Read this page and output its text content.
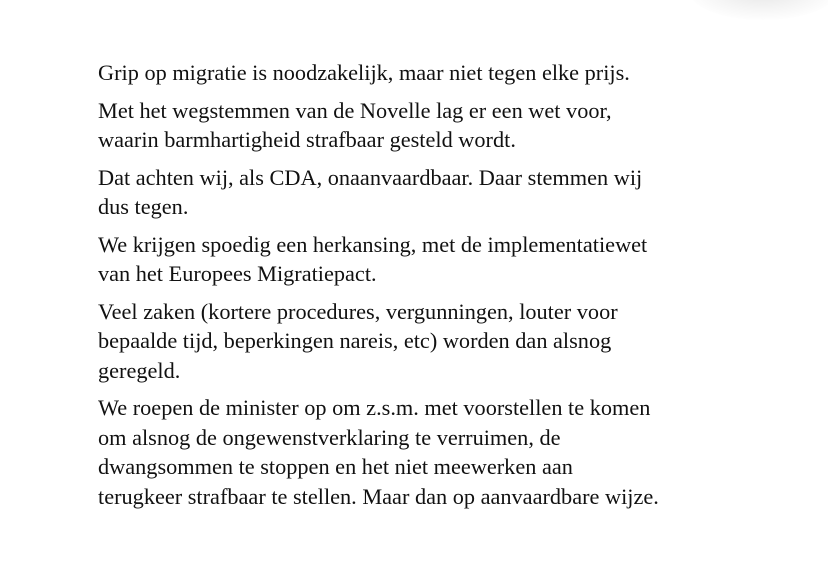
Grip op migratie is noodzakelijk, maar niet tegen elke prijs.

Met het wegstemmen van de Novelle lag er een wet voor,
waarin barmhartigheid strafbaar gesteld wordt.

Dat achten wij, als CDA, onaanvaardbaar. Daar stemmen wij
dus tegen.

We krijgen spoedig een herkansing, met de implementatiewet
van het Europees Migratiepact.

Veel zaken (kortere procedures, vergunningen, louter voor
bepaalde tijd, beperkingen nareis, etc) worden dan alsnog
geregeld.

We roepen de minister op om z.s.m. met voorstellen te komen
om alsnog de ongewenstverklaring te verruimen, de
dwangsommen te stoppen en het niet meewerken aan
terugkeer strafbaar te stellen. Maar dan op aanvaardbare wijze.
